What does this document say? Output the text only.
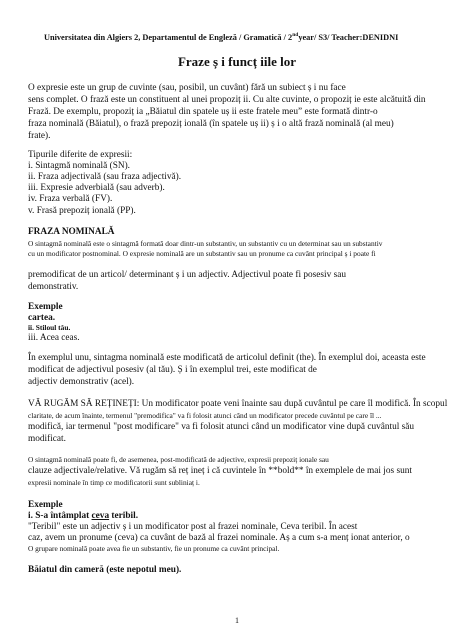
Universitatea din Algiers 2, Departamentul de Engleză / Gramatică / 2ndyear/ S3/ Teacher:DENIDNI
Fraze ș i funcț iile lor
O expresie este un grup de cuvinte (sau, posibil, un cuvânt) fără un subiect ș i nu face
sens complet. O frază este un constituent al unei propoziț ii. Cu alte cuvinte, o propoziț ie este alcătuită din
Frază. De exemplu, propoziț ia „Băiatul din spatele uș ii este fratele meu” este formată dintr-o
fraza nominală (Băiatul), o frază prepoziț ională (în spatele uș ii) ș i o altă frază nominală (al meu)
frate).
Tipurile diferite de expresii:
i. Sintagmă nominală (SN).
ii. Fraza adjectivală (sau fraza adjectivă).
iii. Expresie adverbială (sau adverb).
iv. Fraza verbală (FV).
v. Frasă prepoziț ională (PP).
FRAZA NOMINALĂ
O sintagmă nominală este o sintagmă formată doar dintr-un substantiv, un substantiv cu un determinat sau un substantiv
cu un modificator postnominal. O expresie nominală are un substantiv sau un pronume ca cuvânt principal ș i poate fi
premodificat de un articol/ determinant ș i un adjectiv. Adjectivul poate fi posesiv sau
demonstrativ.
Exemple
cartea.
ii. Stiloul tău.
iii. Acea ceas.
În exemplul unu, sintagma nominală este modificată de articolul definit (the). În exemplul doi, aceasta este
modificat de adjectivul posesiv (al tău). Ș i în exemplul trei, este modificat de
adjectiv demonstrativ (acel).
VĂ RUGĂM SĂ REȚINEȚI: Un modificator poate veni înainte sau după cuvântul pe care îl modifică. În scopul
claritate, de acum înainte, termenul "premodifica" va fi folosit atunci când un modificator precede cuvântul pe care îl ...
modifică, iar termenul "post modificare" va fi folosit atunci când un modificator vine după cuvântul său
modificat.
O sintagmă nominală poate fi, de asemenea, post-modificată de adjective, expresii prepoziț ionale sau
clauze adjectivale/relative. Vă rugăm să reț ineț i că cuvintele în **bold** în exemplele de mai jos sunt
expresii nominale în timp ce modificatorii sunt subliniaț i.
Exemple
i. S-a întâmplat ceva teribil.
"Teribil" este un adjectiv ș i un modificator post al frazei nominale, Ceva teribil. În acest
caz, avem un pronume (ceva) ca cuvânt de bază al frazei nominale. Aș a cum s-a menț ionat anterior, o
O grupare nominală poate avea fie un substantiv, fie un pronume ca cuvânt principal.
Băiatul din cameră (este nepotul meu).
1
